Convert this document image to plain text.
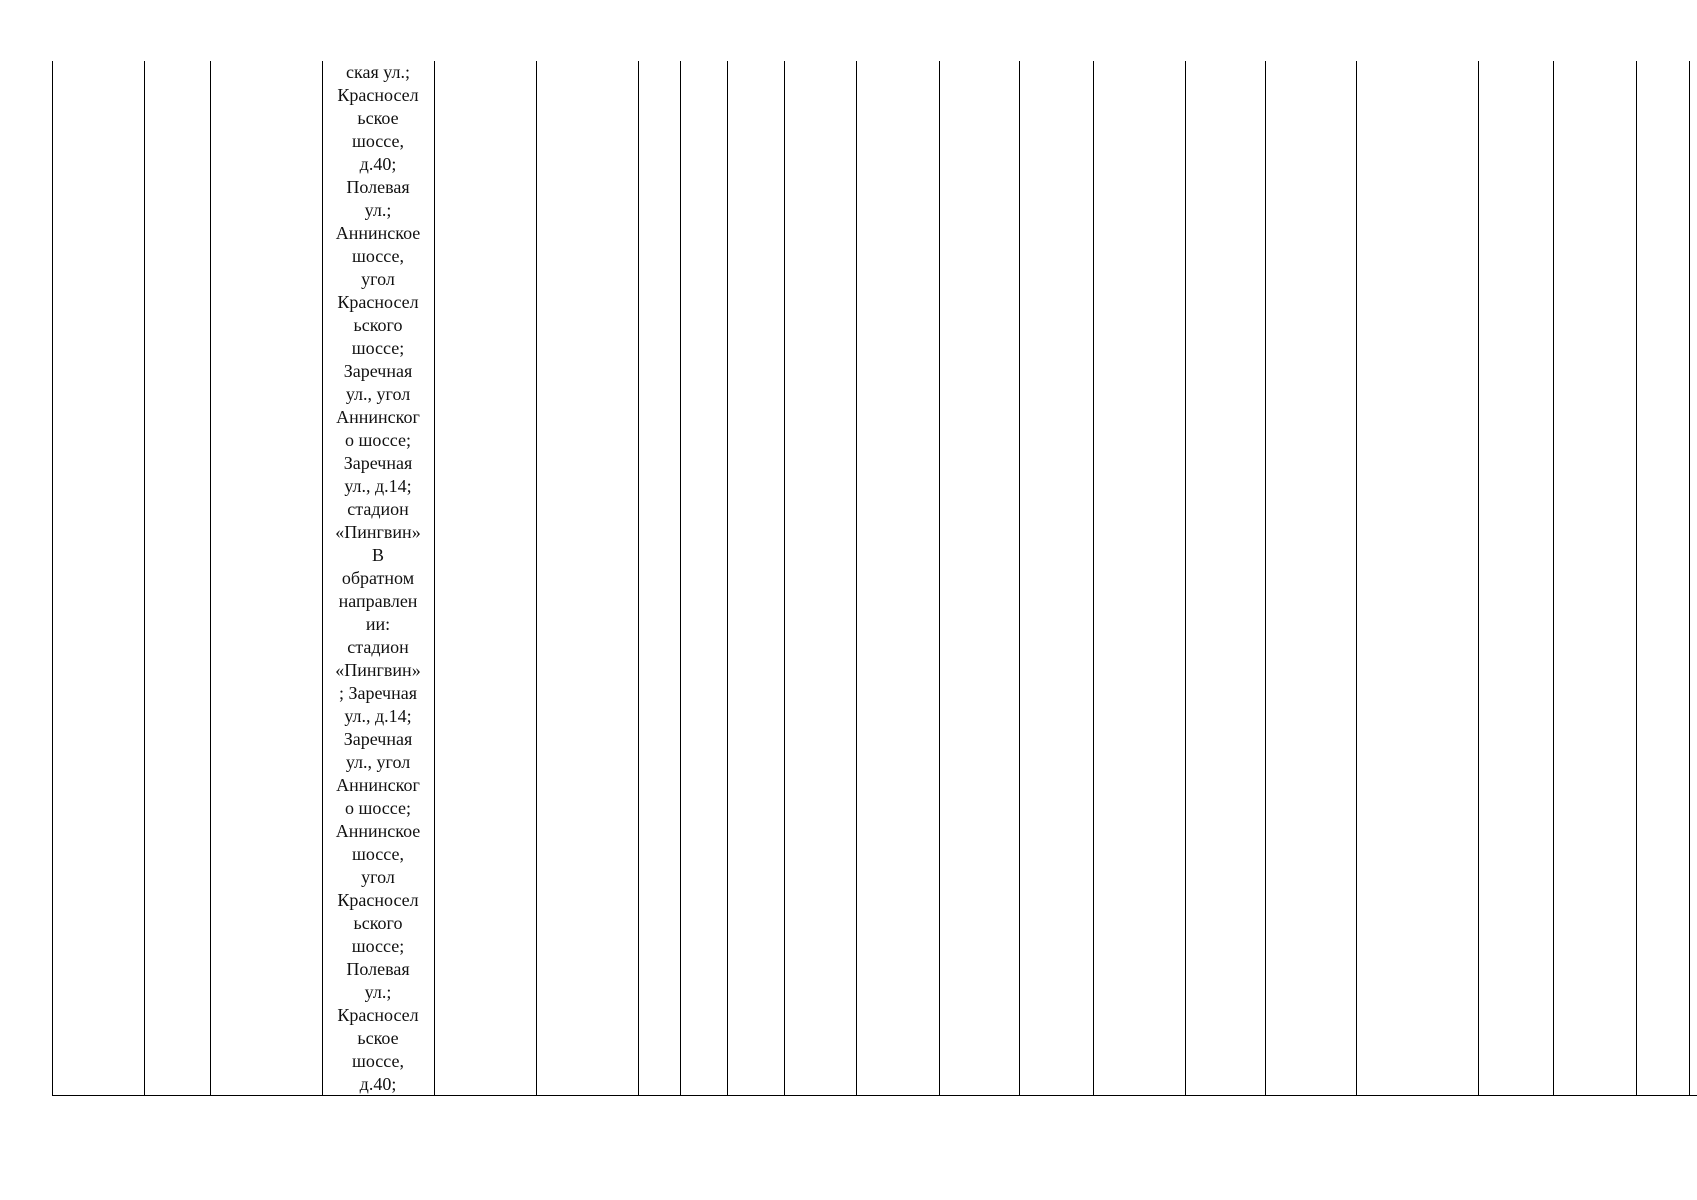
ская ул.;
Красносел
ьское
шоссе,
д.40;
Полевая
ул.;
Аннинское
шоссе,
угол
Красносел
ьского
шоссе;
Заречная
ул., угол
Аннинског
о шоссе;
Заречная
ул., д.14;
стадион
«Пингвин»
В
обратном
направлен
ии:
стадион
«Пингвин»
; Заречная
ул., д.14;
Заречная
ул., угол
Аннинског
о шоссе;
Аннинское
шоссе,
угол
Красносел
ьского
шоссе;
Полевая
ул.;
Красносел
ьское
шоссе,
д.40;
